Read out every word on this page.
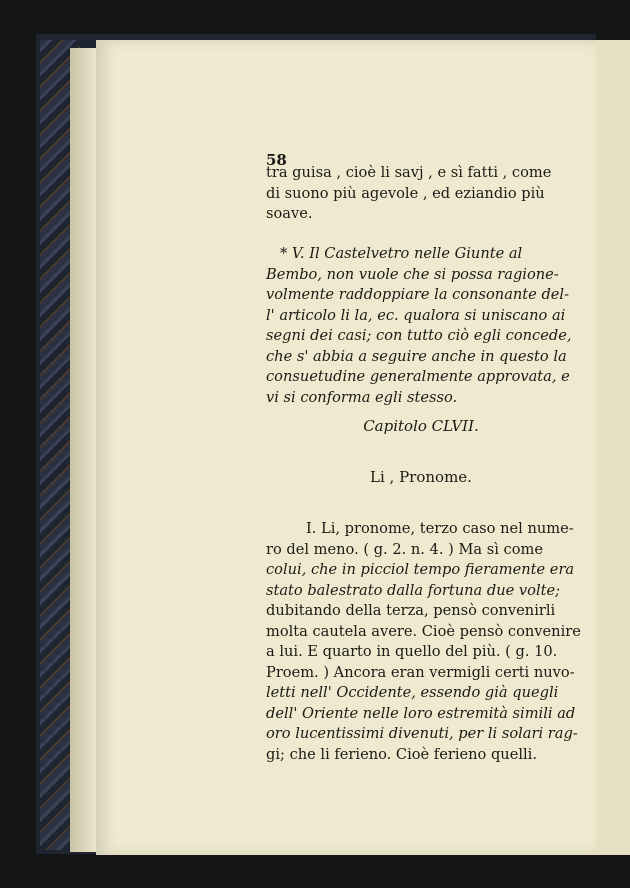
58
tra guisa , cioè li savj , e sì fatti , come
di suono più agevole , ed eziandio più
soave.
* V. Il Castelvetro nelle Giunte al
Bembo, non vuole che si possa ragione-
volmente raddoppiare la consonante del-
l' articolo li la, ec. qualora si uniscano ai
segni dei casi; con tutto ciò egli concede,
che s' abbia a seguire anche in questo la
consuetudine generalmente approvata, e
vi si conforma egli stesso.
Capitolo CLVII.
Li , Pronome.
I. Li, pronome, terzo caso nel nume-
ro del meno. ( g. 2. n. 4. ) Ma sì come
colui, che in picciol tempo fieramente era
stato balestrato dalla fortuna due volte;
dubitando della terza, pensò convenirli
molta cautela avere. Cioè pensò convenire
a lui. E quarto in quello del più. ( g. 10.
Proem. ) Ancora eran vermigli certi nuvo-
letti nell' Occidente, essendo già quegli
dell' Oriente nelle loro estremità simili ad
oro lucentissimi divenuti, per li solari rag-
gi; che li ferieno. Cioè ferieno quelli.
